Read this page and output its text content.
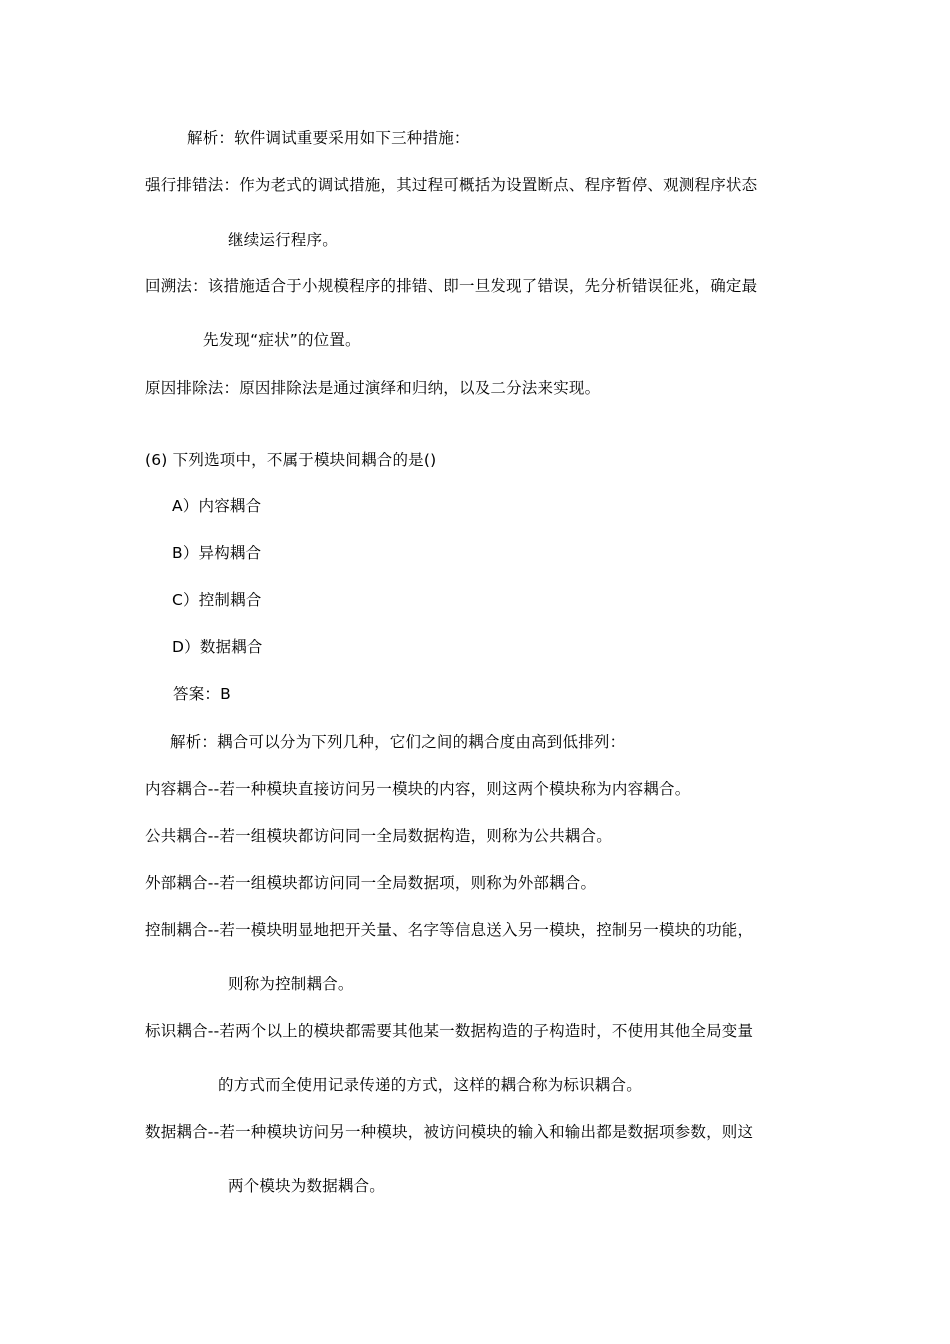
解析：软件调试重要采用如下三种措施：
强行排错法：作为老式的调试措施，其过程可概括为设置断点、程序暂停、观测程序状态
继续运行程序。
回溯法：该措施适合于小规模程序的排错、即一旦发现了错误，先分析错误征兆，确定最
先发现“症状”的位置。
原因排除法：原因排除法是通过演绎和归纳，以及二分法来实现。
(6) 下列选项中，不属于模块间耦合的是()
A）内容耦合
B）异构耦合
C）控制耦合
D）数据耦合
答案：B
解析：耦合可以分为下列几种，它们之间的耦合度由高到低排列：
内容耦合--若一种模块直接访问另一模块的内容，则这两个模块称为内容耦合。
公共耦合--若一组模块都访问同一全局数据构造，则称为公共耦合。
外部耦合--若一组模块都访问同一全局数据项，则称为外部耦合。
控制耦合--若一模块明显地把开关量、名字等信息送入另一模块，控制另一模块的功能，
则称为控制耦合。
标识耦合--若两个以上的模块都需要其他某一数据构造的子构造时，不使用其他全局变量
的方式而全使用记录传递的方式，这样的耦合称为标识耦合。
数据耦合--若一种模块访问另一种模块，被访问模块的输入和输出都是数据项参数，则这
两个模块为数据耦合。
